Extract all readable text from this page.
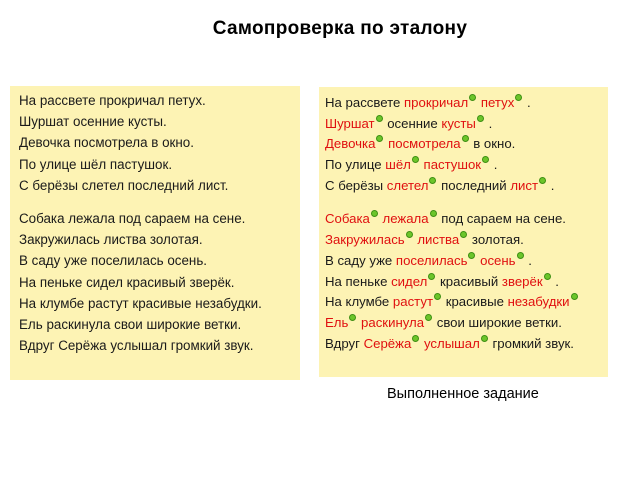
Самопроверка по эталону
На рассвете прокричал петух.
Шуршат осенние кусты.
Девочка посмотрела в окно.
По улице шёл пастушок.
С берёзы слетел последний лист.
Собака лежала под сараем на сене.
Закружилась листва золотая.
В саду уже поселилась осень.
На пеньке сидел красивый зверёк.
На клумбе растут красивые незабудки.
Ель раскинула свои широкие ветки.
Вдруг Серёжа услышал громкий звук.
На рассвете прокричал петух .
Шуршат осенние кусты .
Девочка посмотрела в окно.
По улице шёл пастушок .
С берёзы слетел последний лист .
Собака лежала под сараем на сене.
Закружилась листва золотая.
В саду уже поселилась осень .
На пеньке сидел красивый зверёк .
На клумбе растут красивые незабудки
Ель раскинула свои широкие ветки.
Вдруг Серёжа услышал громкий звук.
Выполненное задание
